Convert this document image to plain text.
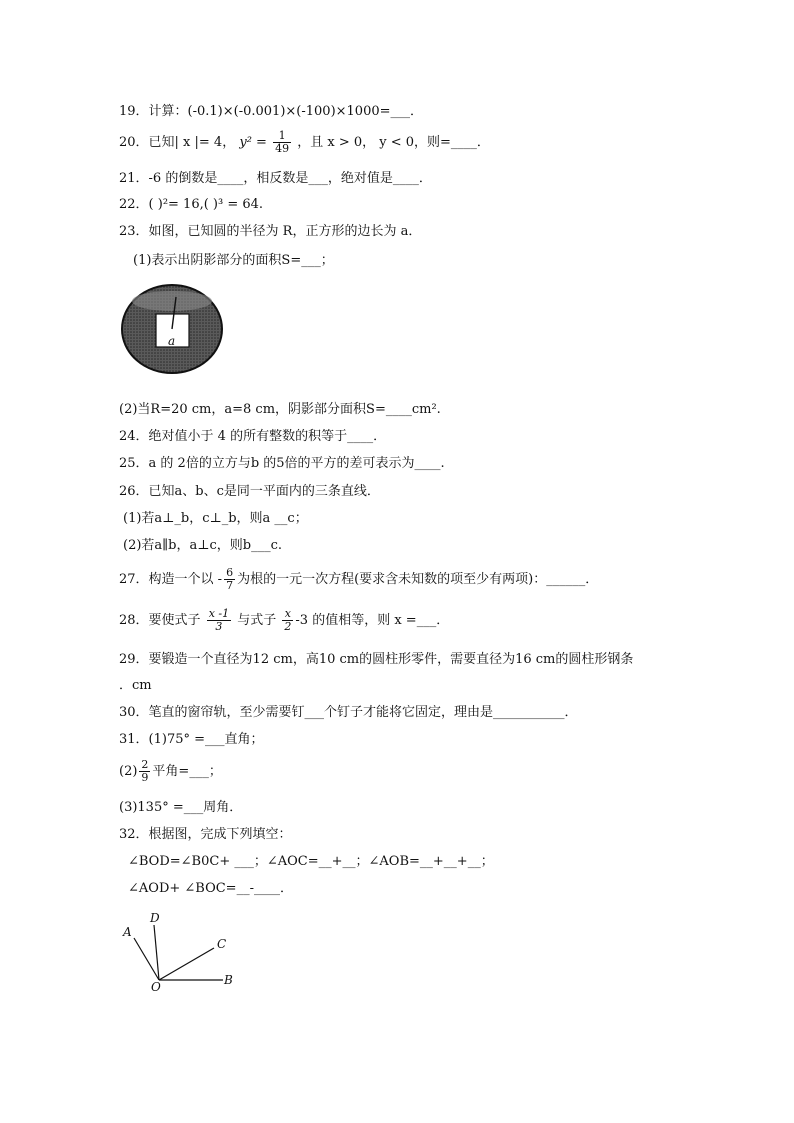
19．计算：(-0.1)×(-0.001)×(-100)×1000=___．
20．已知| x |= 4， $y^2 = \frac{1}{49}$ ，且 x > 0， y < 0，则=____．
21．-6 的倒数是____，相反数是___，绝对值是____．
22．( )²= 16,( )³ = 64.
23．如图，已知圆的半径为 R，正方形的边长为 a．
(1)表示出阴影部分的面积S=___；
a
(2)当R=20 cm，a=8 cm，阴影部分面积S=____cm².
24．绝对值小于 4 的所有整数的积等于____．
25．a 的 2倍的立方与b 的5倍的平方的差可表示为____.
26．已知a、b、c是同一平面内的三条直线．
(1)若a⊥_b，c⊥_b，则a __c；
(2)若a∥b，a⊥c，则b___c.
27．构造一个以 - $\frac{6}{7}$ 为根的一元一次方程(要求含未知数的项至少有两项)：______．
28．要使式子 $\frac{x -1}{3}$ 与式子 $\frac{x}{2} -3$ 的值相等，则 x =___．
29．要锻造一个直径为12 cm，高10 cm的圆柱形零件，需要直径为16 cm的圆柱形钢条
．cm
30．笔直的窗帘轨，至少需要钉___个钉子才能将它固定，理由是___________．
31．(1)75° =___直角；
$(2) \frac{2}{9}$ 平角=___；
(3)135° =___周角．
32．根据图，完成下列填空：
∠BOD=∠B0C+ ___；∠AOC=__+__；∠AOB=__+__+__；
∠AOD+ ∠BOC=__-____．
A
D
C
B
O
